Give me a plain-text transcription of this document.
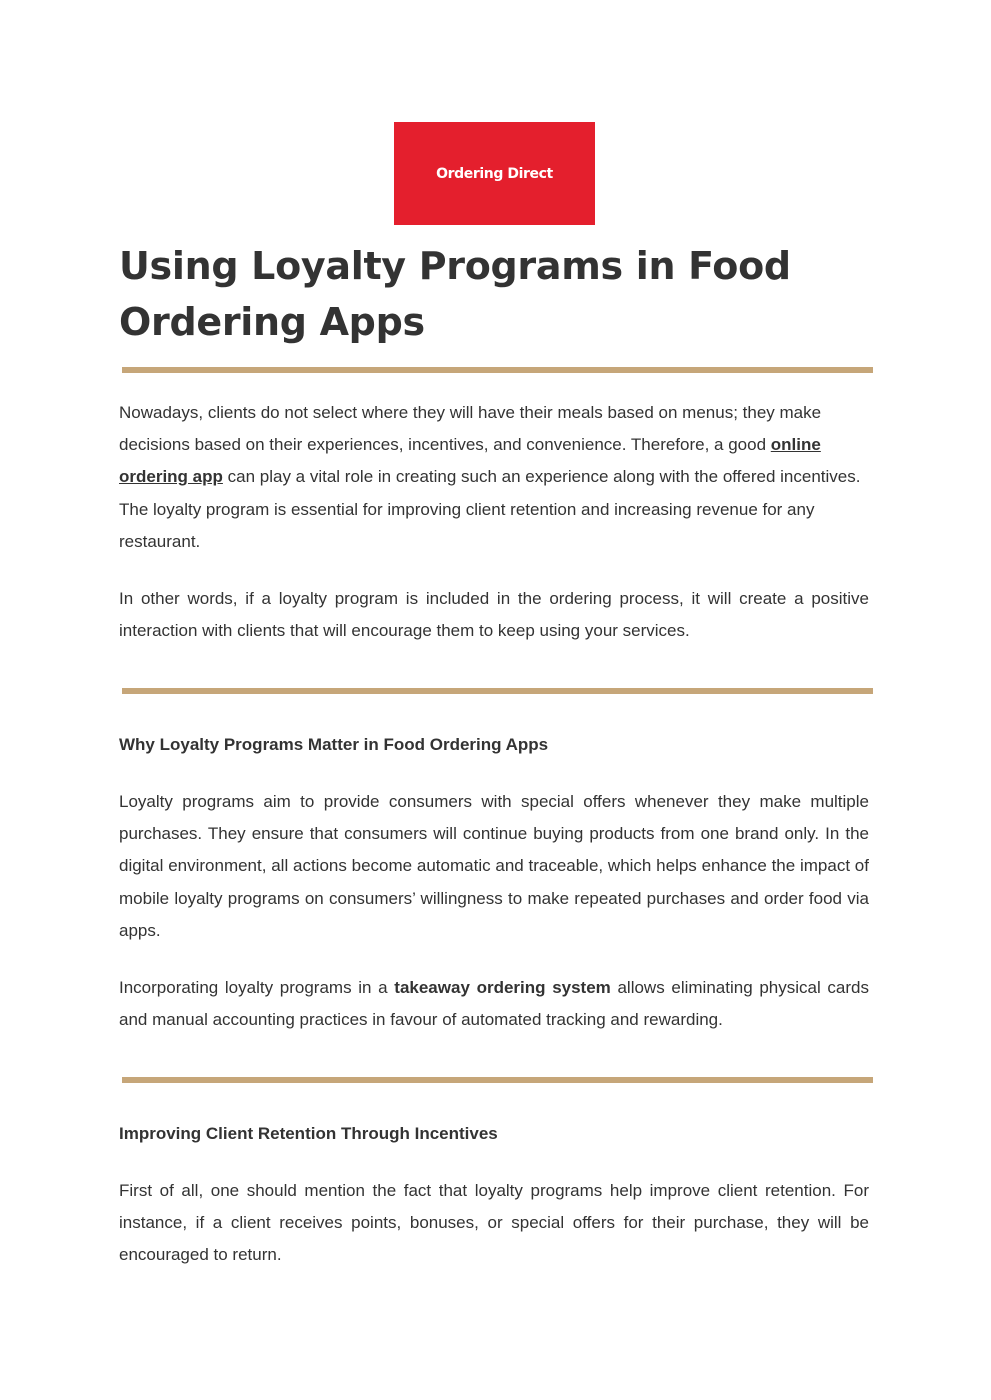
Ordering Direct
Using Loyalty Programs in Food Ordering Apps

Nowadays, clients do not select where they will have their meals based on menus; they make decisions based on their experiences, incentives, and convenience. Therefore, a good online ordering app can play a vital role in creating such an experience along with the offered incentives. The loyalty program is essential for improving client retention and increasing revenue for any restaurant.

In other words, if a loyalty program is included in the ordering process, it will create a positive interaction with clients that will encourage them to keep using your services.

Why Loyalty Programs Matter in Food Ordering Apps

Loyalty programs aim to provide consumers with special offers whenever they make multiple purchases. They ensure that consumers will continue buying products from one brand only. In the digital environment, all actions become automatic and traceable, which helps enhance the impact of mobile loyalty programs on consumers’ willingness to make repeated purchases and order food via apps.

Incorporating loyalty programs in a takeaway ordering system allows eliminating physical cards and manual accounting practices in favour of automated tracking and rewarding.

Improving Client Retention Through Incentives

First of all, one should mention the fact that loyalty programs help improve client retention. For instance, if a client receives points, bonuses, or special offers for their purchase, they will be encouraged to return.
